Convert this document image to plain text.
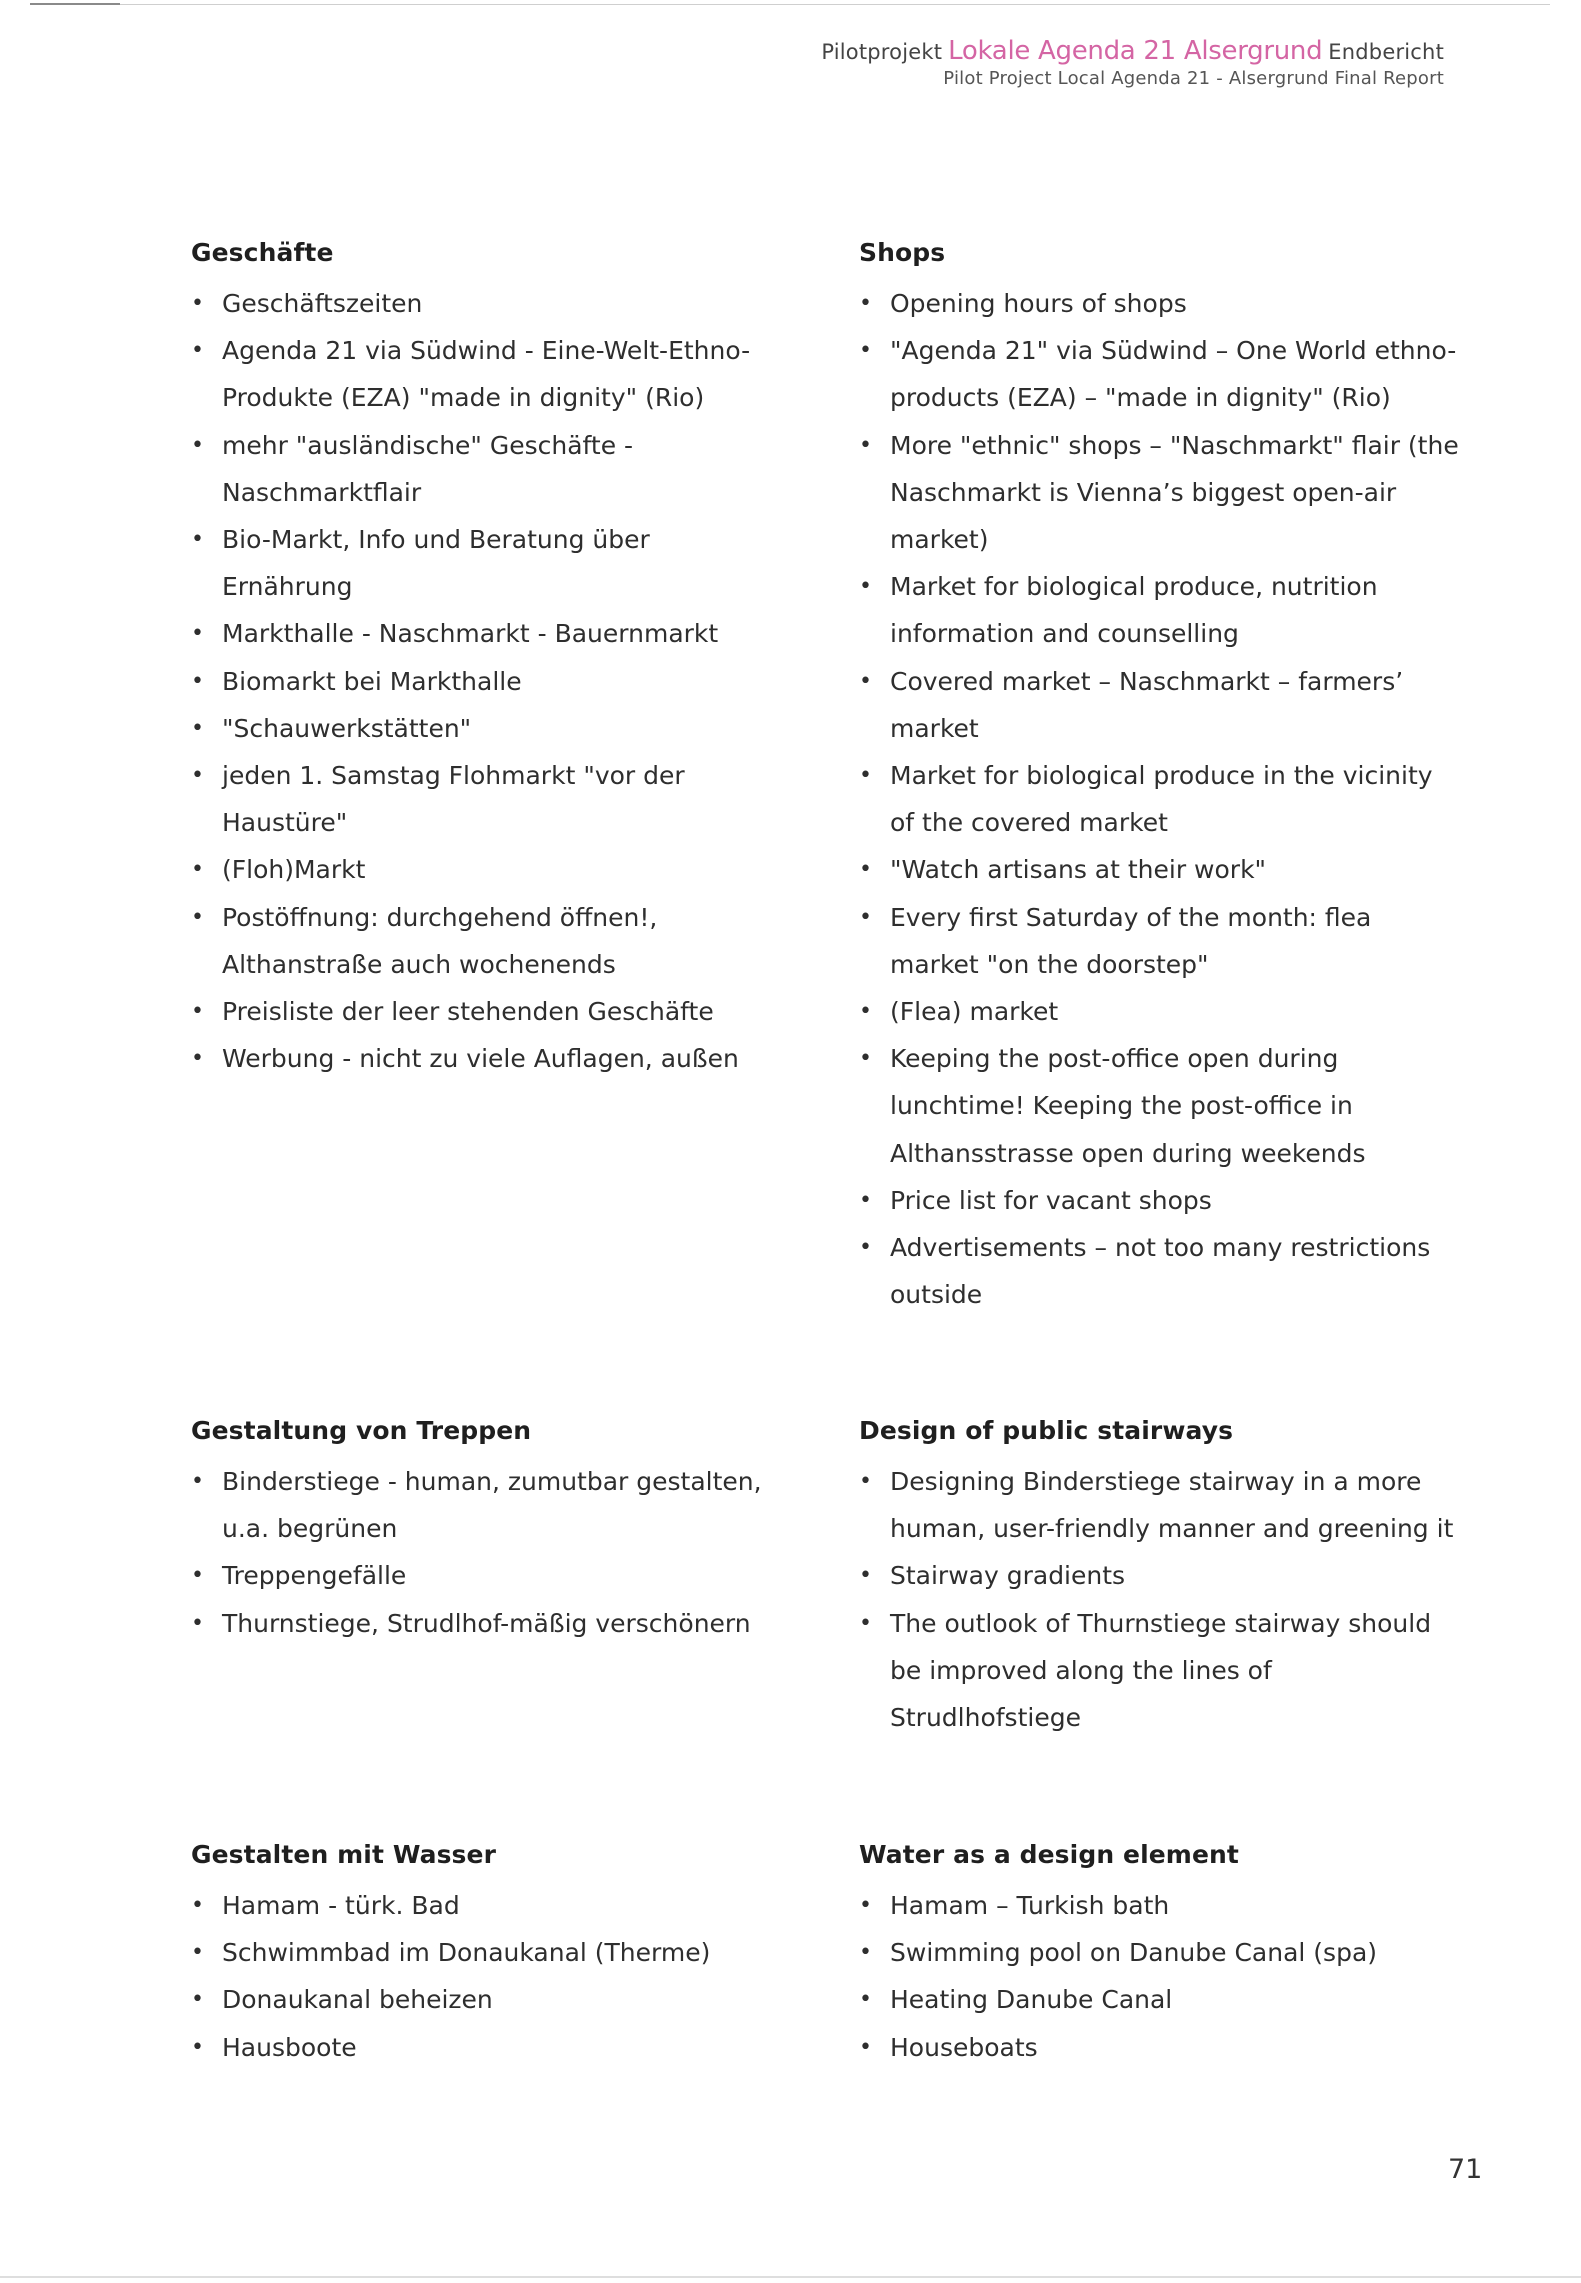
Pilotprojekt Lokale Agenda 21 Alsergrund Endbericht
Pilot Project Local Agenda 21 - Alsergrund Final Report
Geschäfte
• Geschäftszeiten
• Agenda 21 via Südwind - Eine-Welt-Ethno-Produkte (EZA) "made in dignity" (Rio)
• mehr "ausländische" Geschäfte - Naschmarktflair
• Bio-Markt, Info und Beratung über Ernährung
• Markthalle - Naschmarkt - Bauernmarkt
• Biomarkt bei Markthalle
• "Schauwerkstätten"
• jeden 1. Samstag Flohmarkt "vor der Haustüre"
• (Floh)Markt
• Postöffnung: durchgehend öffnen!, Althanstraße auch wochenends
• Preisliste der leer stehenden Geschäfte
• Werbung - nicht zu viele Auflagen, außen
Gestaltung von Treppen
• Binderstiege - human, zumutbar gestalten, u.a. begrünen
• Treppengefälle
• Thurnstiege, Strudlhof-mäßig verschönern
Gestalten mit Wasser
• Hamam - türk. Bad
• Schwimmbad im Donaukanal (Therme)
• Donaukanal beheizen
• Hausboote
Shops
• Opening hours of shops
• "Agenda 21" via Südwind – One World ethno-products (EZA) – "made in dignity" (Rio)
• More "ethnic" shops – "Naschmarkt" flair (the Naschmarkt is Vienna’s biggest open-air market)
• Market for biological produce, nutrition information and counselling
• Covered market – Naschmarkt – farmers’ market
• Market for biological produce in the vicinity of the covered market
• "Watch artisans at their work"
• Every first Saturday of the month: flea market "on the doorstep"
• (Flea) market
• Keeping the post-office open during lunchtime! Keeping the post-office in Althansstrasse open during weekends
• Price list for vacant shops
• Advertisements – not too many restrictions outside
Design of public stairways
• Designing Binderstiege stairway in a more human, user-friendly manner and greening it
• Stairway gradients
• The outlook of Thurnstiege stairway should be improved along the lines of Strudlhofstiege
Water as a design element
• Hamam – Turkish bath
• Swimming pool on Danube Canal (spa)
• Heating Danube Canal
• Houseboats
71
